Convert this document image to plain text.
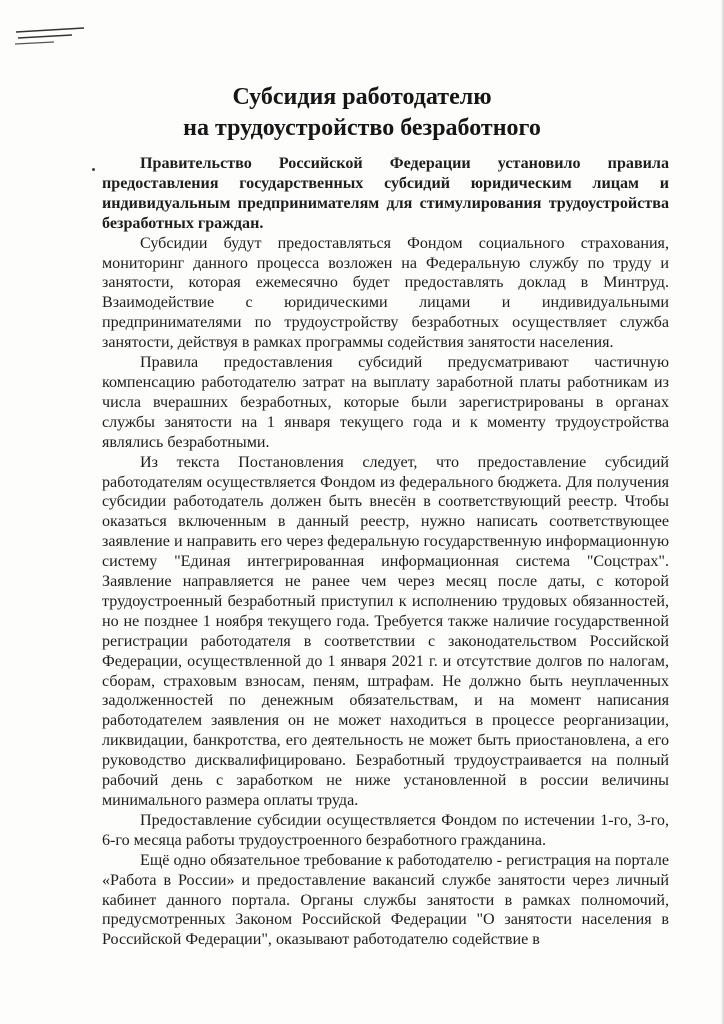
Субсидия работодателю
на трудоустройство безработного

Правительство Российской Федерации установило правила предоставления государственных субсидий юридическим лицам и индивидуальным предпринимателям для стимулирования трудоустройства безработных граждан.

Субсидии будут предоставляться Фондом социального страхования, мониторинг данного процесса возложен на Федеральную службу по труду и занятости, которая ежемесячно будет предоставлять доклад в Минтруд. Взаимодействие с юридическими лицами и индивидуальными предпринимателями по трудоустройству безработных осуществляет служба занятости, действуя в рамках программы содействия занятости населения.

Правила предоставления субсидий предусматривают частичную компенсацию работодателю затрат на выплату заработной платы работникам из числа вчерашних безработных, которые были зарегистрированы в органах службы занятости на 1 января текущего года и к моменту трудоустройства являлись безработными.

Из текста Постановления следует, что предоставление субсидий работодателям осуществляется Фондом из федерального бюджета. Для получения субсидии работодатель должен быть внесён в соответствующий реестр. Чтобы оказаться включенным в данный реестр, нужно написать соответствующее заявление и направить его через федеральную государственную информационную систему "Единая интегрированная информационная система "Соцстрах". Заявление направляется не ранее чем через месяц после даты, с которой трудоустроенный безработный приступил к исполнению трудовых обязанностей, но не позднее 1 ноября текущего года. Требуется также наличие государственной регистрации работодателя в соответствии с законодательством Российской Федерации, осуществленной до 1 января 2021 г. и отсутствие долгов по налогам, сборам, страховым взносам, пеням, штрафам. Не должно быть неуплаченных задолженностей по денежным обязательствам, и на момент написания работодателем заявления он не может находиться в процессе реорганизации, ликвидации, банкротства, его деятельность не может быть приостановлена, а его руководство дисквалифицировано. Безработный трудоустраивается на полный рабочий день с заработком не ниже установленной в россии величины минимального размера оплаты труда.

Предоставление субсидии осуществляется Фондом по истечении 1-го, 3-го, 6-го месяца работы трудоустроенного безработного гражданина.

Ещё одно обязательное требование к работодателю - регистрация на портале «Работа в России» и предоставление вакансий службе занятости через личный кабинет данного портала. Органы службы занятости в рамках полномочий, предусмотренных Законом Российской Федерации "О занятости населения в Российской Федерации", оказывают работодателю содействие в
